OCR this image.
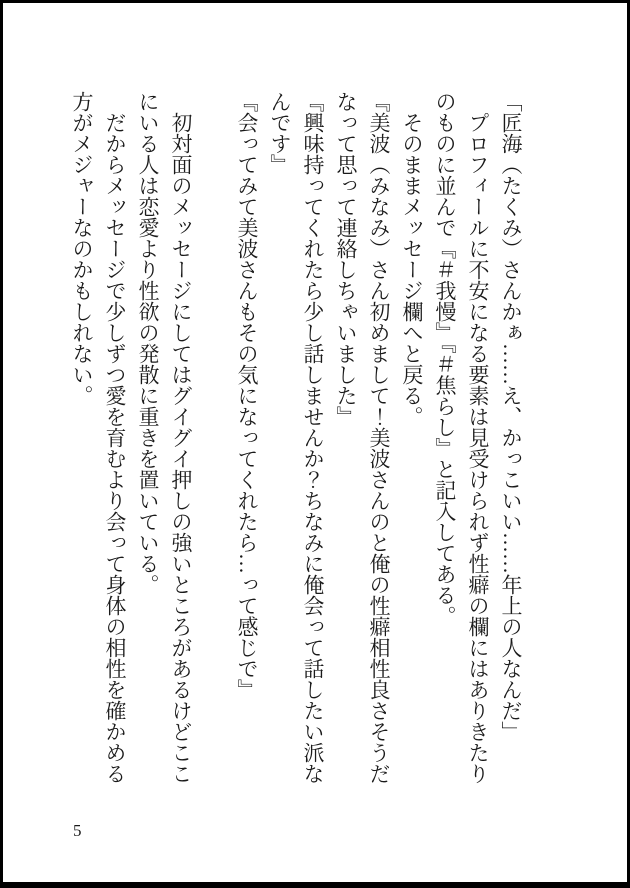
「匠海（たくみ）さんかぁ……え、かっこいい……年上の人なんだ」
プロフィールに不安になる要素は見受けられず性癖の欄にはありきたり
のものに並んで『＃我慢』『＃焦らし』と記入してある。
そのままメッセージ欄へと戻る。
『美波（みなみ）さん初めまして！美波さんのと俺の性癖相性良さそうだ
なって思って連絡しちゃいました』
『興味持ってくれたら少し話しませんか？ちなみに俺会って話したい派な
んです』
『会ってみて美波さんもその気になってくれたら…って感じで』

初対面のメッセージにしてはグイグイ押しの強いところがあるけどここ
にいる人は恋愛より性欲の発散に重きを置いている。
だからメッセージで少しずつ愛を育むより会って身体の相性を確かめる
方がメジャーなのかもしれない。
5
